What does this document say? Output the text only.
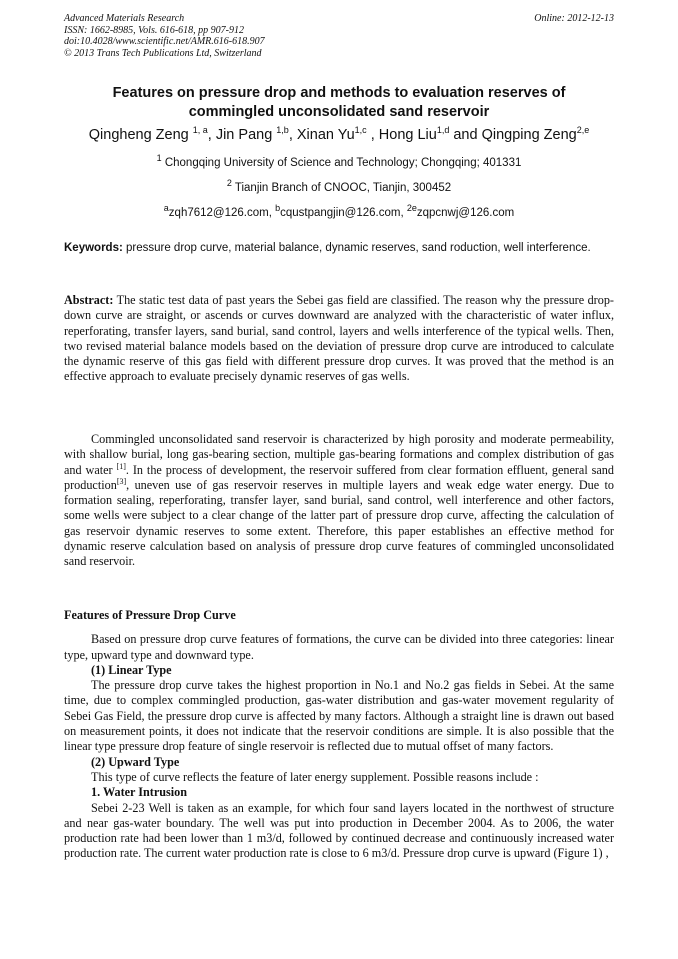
Advanced Materials Research
ISSN: 1662-8985, Vols. 616-618, pp 907-912
doi:10.4028/www.scientific.net/AMR.616-618.907
© 2013 Trans Tech Publications Ltd, Switzerland
Online: 2012-12-13
Features on pressure drop and methods to evaluation reserves of
commingled unconsolidated sand reservoir
Qingheng Zeng $^{1, a}$, Jin Pang $^{1,b}$, Xinan Yu$^{1,c}$ , Hong Liu$^{1,d}$ and Qingping Zeng$^{2,e}$
$^1$ Chongqing University of Science and Technology; Chongqing; 401331
$^2$ Tianjin Branch of CNOOC, Tianjin, 300452
$^a$zqh7612@126.com, $^b$cqustpangjin@126.com, $^{2e}$zqpcnwj@126.com
Keywords: pressure drop curve, material balance, dynamic reserves, sand roduction, well interference.
Abstract: The static test data of past years the Sebei gas field are classified. The reason why the pressure drop-down curve are straight, or ascends or curves downward are analyzed with the characteristic of water influx, reperforating, transfer layers, sand burial, sand control, layers and wells interference of the typical wells. Then, two revised material balance models based on the deviation of pressure drop curve are introduced to calculate the dynamic reserve of this gas field with different pressure drop curves. It was proved that the method is an effective approach to evaluate precisely dynamic reserves of gas wells.
Commingled unconsolidated sand reservoir is characterized by high porosity and moderate permeability, with shallow burial, long gas-bearing section, multiple gas-bearing formations and complex distribution of gas and water [1]. In the process of development, the reservoir suffered from clear formation effluent, general sand production[3], uneven use of gas reservoir reserves in multiple layers and weak edge water energy. Due to formation sealing, reperforating, transfer layer, sand burial, sand control, well interference and other factors, some wells were subject to a clear change of the latter part of pressure drop curve, affecting the calculation of gas reservoir dynamic reserves to some extent. Therefore, this paper establishes an effective method for dynamic reserve calculation based on analysis of pressure drop curve features of commingled unconsolidated sand reservoir.
Features of Pressure Drop Curve

Based on pressure drop curve features of formations, the curve can be divided into three categories: linear type, upward type and downward type.

(1) Linear Type

The pressure drop curve takes the highest proportion in No.1 and No.2 gas fields in Sebei. At the same time, due to complex commingled production, gas-water distribution and gas-water movement regularity of Sebei Gas Field, the pressure drop curve is affected by many factors. Although a straight line is drawn out based on measurement points, it does not indicate that the reservoir conditions are simple. It is also possible that the linear type pressure drop feature of single reservoir is reflected due to mutual offset of many factors.

(2) Upward Type

This type of curve reflects the feature of later energy supplement. Possible reasons include :

1. Water Intrusion

Sebei 2-23 Well is taken as an example, for which four sand layers located in the northwest of structure and near gas-water boundary. The well was put into production in December 2004. As to 2006, the water production rate had been lower than 1 m3/d, followed by continued decrease and continuously increased water production rate. The current water production rate is close to 6 m3/d. Pressure drop curve is upward (Figure 1) ,
